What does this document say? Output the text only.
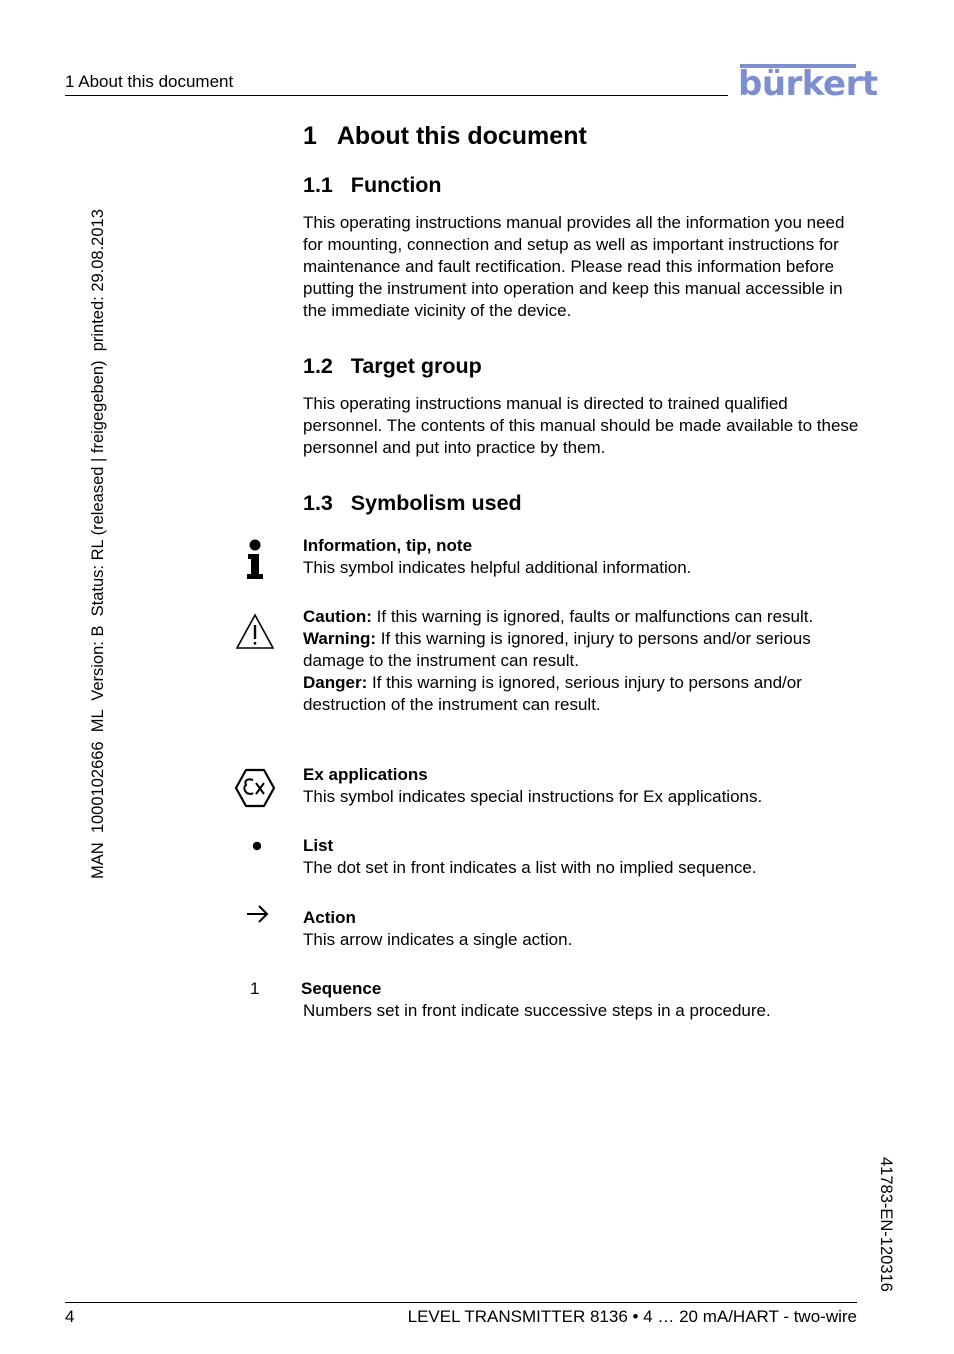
1 About this document	bürkert
MAN  1000102666  ML  Version: B  Status: RL (released | freigegeben)  printed: 29.08.2013
41783-EN-120316
1   About this document
1.1   Function
This operating instructions manual provides all the information you need for mounting, connection and setup as well as important instructions for maintenance and fault rectification. Please read this information before putting the instrument into operation and keep this manual accessible in the immediate vicinity of the device.
1.2   Target group
This operating instructions manual is directed to trained qualified personnel. The contents of this manual should be made available to these personnel and put into practice by them.
1.3   Symbolism used
Information, tip, note
This symbol indicates helpful additional information.
Caution: If this warning is ignored, faults or malfunctions can result.
Warning: If this warning is ignored, injury to persons and/or serious damage to the instrument can result.
Danger: If this warning is ignored, serious injury to persons and/or destruction of the instrument can result.
Ex applications
This symbol indicates special instructions for Ex applications.
List
The dot set in front indicates a list with no implied sequence.
Action
This arrow indicates a single action.
1 Sequence
Numbers set in front indicate successive steps in a procedure.
4	LEVEL TRANSMITTER 8136 • 4 … 20 mA/HART - two-wire
